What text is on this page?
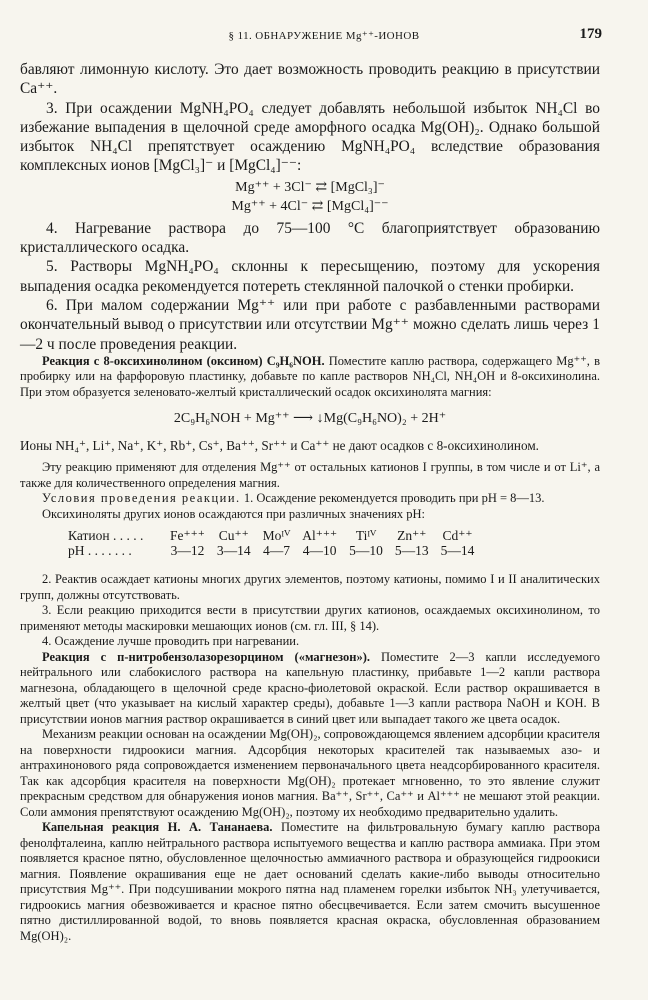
§ 11. ОБНАРУЖЕНИЕ Mg⁺⁺-ИОНОВ	179

бавляют лимонную кислоту. Это дает возможность проводить реакцию в присутствии Ca⁺⁺.

3. При осаждении MgNH₄PO₄ следует добавлять небольшой избыток NH₄Cl во избежание выпадения в щелочной среде аморфного осадка Mg(OH)₂. Однако большой избыток NH₄Cl препятствует осаждению MgNH₄PO₄ вследствие образования комплексных ионов [MgCl₃]⁻ и [MgCl₄]⁻⁻:

Mg⁺⁺ + 3Cl⁻ ⇄ [MgCl₃]⁻
Mg⁺⁺ + 4Cl⁻ ⇄ [MgCl₄]⁻⁻

4. Нагревание раствора до 75—100 °C благоприятствует образованию кристаллического осадка.

5. Растворы MgNH₄PO₄ склонны к пересыщению, поэтому для ускорения выпадения осадка рекомендуется потереть стеклянной палочкой о стенки пробирки.

6. При малом содержании Mg⁺⁺ или при работе с разбавленными растворами окончательный вывод о присутствии или отсутствии Mg⁺⁺ можно сделать лишь через 1—2 ч после проведения реакции.

Реакция с 8-оксихинолином (оксином) C₉H₆NOH. Поместите каплю раствора, содержащего Mg⁺⁺, в пробирку или на фарфоровую пластинку, добавьте по капле растворов NH₄Cl, NH₄OH и 8-оксихинолина. При этом образуется зеленовато-желтый кристаллический осадок оксихинолята магния:

2C₉H₆NOH + Mg⁺⁺ ⟶ ↓Mg(C₉H₆NO)₂ + 2H⁺

Ионы NH₄⁺, Li⁺, Na⁺, K⁺, Rb⁺, Cs⁺, Ba⁺⁺, Sr⁺⁺ и Ca⁺⁺ не дают осадков с 8-оксихинолином.

Эту реакцию применяют для отделения Mg⁺⁺ от остальных катионов I группы, в том числе и от Li⁺, а также для количественного определения магния.

Условия проведения реакции. 1. Осаждение рекомендуется проводить при pH = 8—13.

Оксихиноляты других ионов осаждаются при различных значениях pH:

Катион . . . . .	Fe⁺⁺⁺	Cu⁺⁺	Moᴵⱽ	Al⁺⁺⁺	Tiᴵⱽ	Zn⁺⁺	Cd⁺⁺
pH . . . . . . .	3—12	3—14	4—7	4—10	5—10	5—13	5—14

2. Реактив осаждает катионы многих других элементов, поэтому катионы, помимо I и II аналитических групп, должны отсутствовать.

3. Если реакцию приходится вести в присутствии других катионов, осаждаемых оксихинолином, то применяют методы маскировки мешающих ионов (см. гл. III, § 14).

4. Осаждение лучше проводить при нагревании.

Реакция с п-нитробензолазорезорцином («магнезон»). Поместите 2—3 капли исследуемого нейтрального или слабокислого раствора на капельную пластинку, прибавьте 1—2 капли раствора магнезона, обладающего в щелочной среде красно-фиолетовой окраской. Если раствор окрашивается в желтый цвет (что указывает на кислый характер среды), добавьте 1—3 капли раствора NaOH и KOH. В присутствии ионов магния раствор окрашивается в синий цвет или выпадает такого же цвета осадок.

Механизм реакции основан на осаждении Mg(OH)₂, сопровождающемся явлением адсорбции красителя на поверхности гидроокиси магния. Адсорбция некоторых красителей так называемых азо- и антрахинонового ряда сопровождается изменением первоначального цвета неадсорбированного красителя. Так как адсорбция красителя на поверхности Mg(OH)₂ протекает мгновенно, то это явление служит прекрасным средством для обнаружения ионов магния. Ba⁺⁺, Sr⁺⁺, Ca⁺⁺ и Al⁺⁺⁺ не мешают этой реакции. Соли аммония препятствуют осаждению Mg(OH)₂, поэтому их необходимо предварительно удалить.

Капельная реакция Н. А. Тананаева. Поместите на фильтровальную бумагу каплю раствора фенолфталеина, каплю нейтрального раствора испытуемого вещества и каплю раствора аммиака. При этом появляется красное пятно, обусловленное щелочностью аммиачного раствора и образующейся гидроокиси магния. Появление окрашивания еще не дает оснований сделать какие-либо выводы относительно присутствия Mg⁺⁺. При подсушивании мокрого пятна над пламенем горелки избыток NH₃ улетучивается, гидроокись магния обезвоживается и красное пятно обесцвечивается. Если затем смочить высушенное пятно дистиллированной водой, то вновь появляется красная окраска, обусловленная образованием Mg(OH)₂.
